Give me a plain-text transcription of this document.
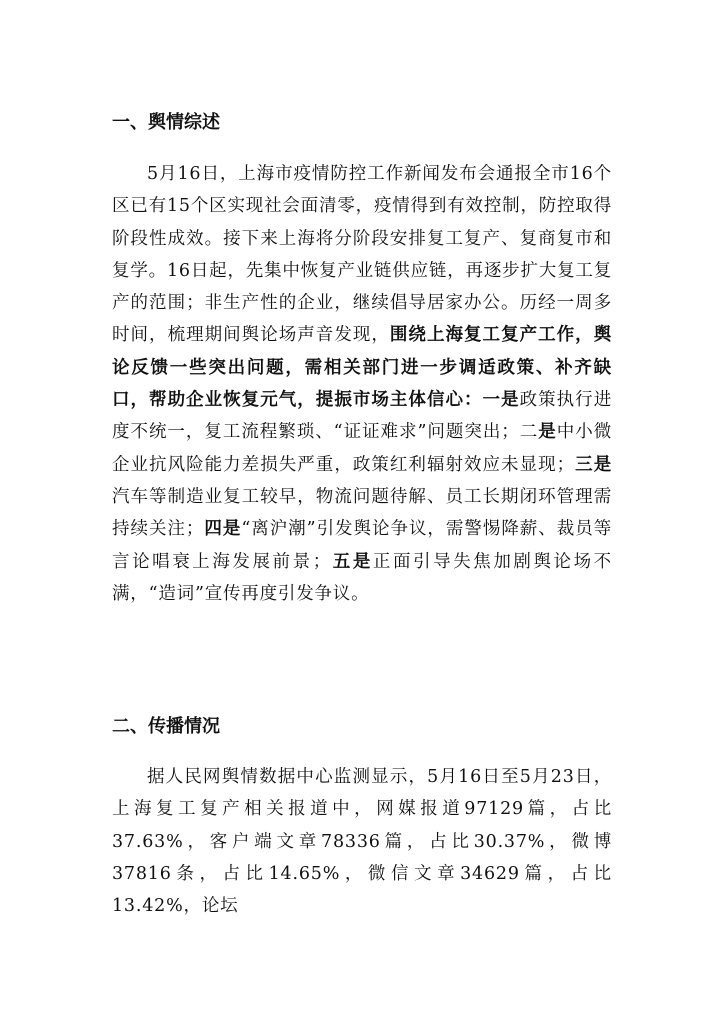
一、舆情综述

5月16日，上海市疫情防控工作新闻发布会通报全市16个区已有15个区实现社会面清零，疫情得到有效控制，防控取得阶段性成效。接下来上海将分阶段安排复工复产、复商复市和复学。16日起，先集中恢复产业链供应链，再逐步扩大复工复产的范围；非生产性的企业，继续倡导居家办公。历经一周多时间，梳理期间舆论场声音发现，围绕上海复工复产工作，舆论反馈一些突出问题，需相关部门进一步调适政策、补齐缺口，帮助企业恢复元气，提振市场主体信心：一是政策执行进度不统一，复工流程繁琐、“证证难求”问题突出；二是中小微企业抗风险能力差损失严重，政策红利辐射效应未显现；三是汽车等制造业复工较早，物流问题待解、员工长期闭环管理需持续关注；四是“离沪潮”引发舆论争议，需警惕降薪、裁员等言论唱衰上海发展前景；五是正面引导失焦加剧舆论场不满，“造词”宣传再度引发争议。

二、传播情况

据人民网舆情数据中心监测显示，5月16日至5月23日，上海复工复产相关报道中，网媒报道97129篇，占比37.63%，客户端文章78336篇，占比30.37%，微博37816条，占比14.65%，微信文章34629篇，占比13.42%，论坛
